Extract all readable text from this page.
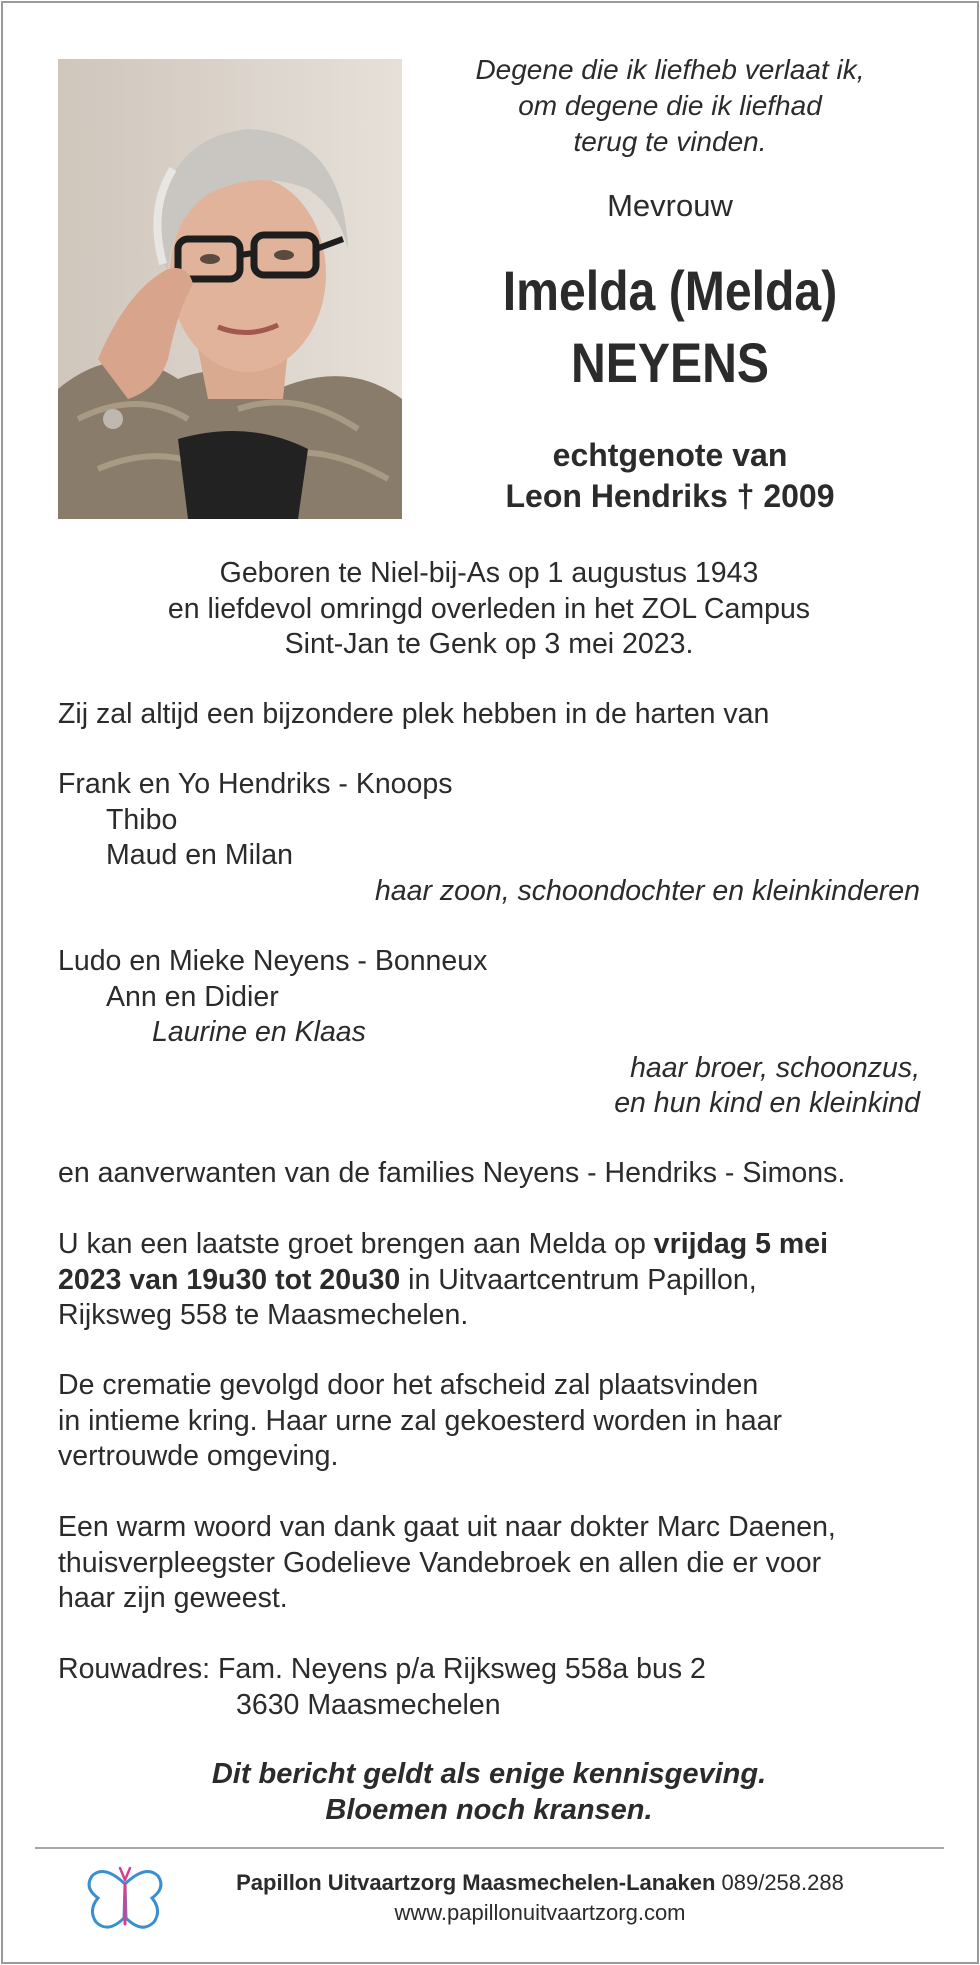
Degene die ik liefheb verlaat ik,
om degene die ik liefhad
terug te vinden.
Mevrouw
Imelda (Melda)
NEYENS
echtgenote van
Leon Hendriks † 2009
Geboren te Niel-bij-As op 1 augustus 1943
en liefdevol omringd overleden in het ZOL Campus
Sint-Jan te Genk op 3 mei 2023.
Zij zal altijd een bijzondere plek hebben in de harten van
Frank en Yo Hendriks - Knoops
Thibo
Maud en Milan
haar zoon, schoondochter en kleinkinderen
Ludo en Mieke Neyens - Bonneux
Ann en Didier
Laurine en Klaas
haar broer, schoonzus,
en hun kind en kleinkind
en aanverwanten van de families Neyens - Hendriks - Simons.
U kan een laatste groet brengen aan Melda op vrijdag 5 mei
2023 van 19u30 tot 20u30 in Uitvaartcentrum Papillon,
Rijksweg 558 te Maasmechelen.
De crematie gevolgd door het afscheid zal plaatsvinden
in intieme kring. Haar urne zal gekoesterd worden in haar
vertrouwde omgeving.
Een warm woord van dank gaat uit naar dokter Marc Daenen,
thuisverpleegster Godelieve Vandebroek en allen die er voor
haar zijn geweest.
Rouwadres: Fam. Neyens p/a Rijksweg 558a bus 2
3630 Maasmechelen
Dit bericht geldt als enige kennisgeving.
Bloemen noch kransen.
Papillon Uitvaartzorg Maasmechelen-Lanaken 089/258.288
www.papillonuitvaartzorg.com
